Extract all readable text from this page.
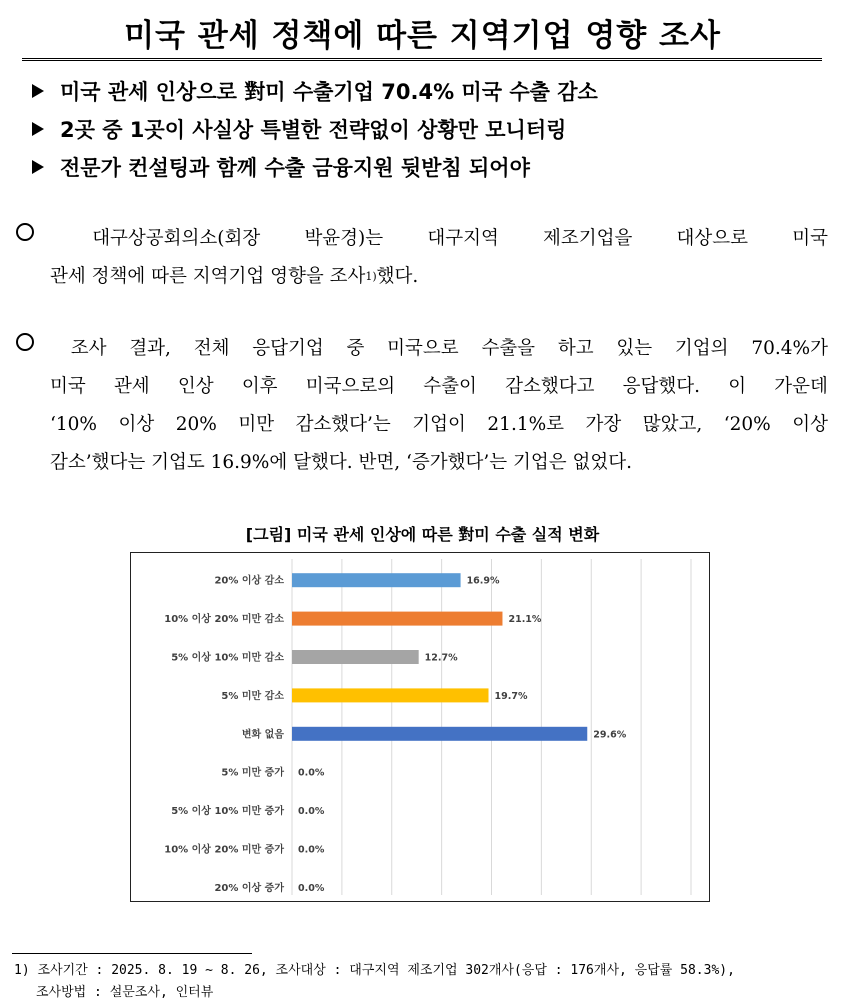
미국 관세 정책에 따른 지역기업 영향 조사
미국 관세 인상으로 對미 수출기업 70.4% 미국 수출 감소
2곳 중 1곳이 사실상 특별한 전략없이 상황만 모니터링
전문가 컨설팅과 함께 수출 금융지원 뒷받침 되어야
대구상공회의소(회장 박윤경)는 대구지역 제조기업을 대상으로 미국
관세 정책에 따른 지역기업 영향을 조사 1) 했다.
조사 결과, 전체 응답기업 중 미국으로 수출을 하고 있는 기업의 70.4%가
미국 관세 인상 이후 미국으로의 수출이 감소했다고 응답했다. 이 가운데
‘10% 이상 20% 미만 감소했다’는 기업이 21.1%로 가장 많았고, ‘20% 이상
감소’했다는 기업도 16.9%에 달했다. 반면, ‘증가했다’는 기업은 없었다.
[그림] 미국 관세 인상에 따른 對미 수출 실적 변화
20% 이상 감소	16.9%
10% 이상 20% 미만 감소	21.1%
5% 이상 10% 미만 감소	12.7%
5% 미만 감소	19.7%
변화 없음	29.6%
5% 미만 증가 0.0%
5% 이상 10% 미만 증가 0.0%
10% 이상 20% 미만 증가 0.0%
20% 이상 증가 0.0%
1) 조사기간 : 2025. 8. 19 ~ 8. 26, 조사대상 : 대구지역 제조기업 302개사(응답 : 176개사, 응답률 58.3%),
조사방법 : 설문조사, 인터뷰
